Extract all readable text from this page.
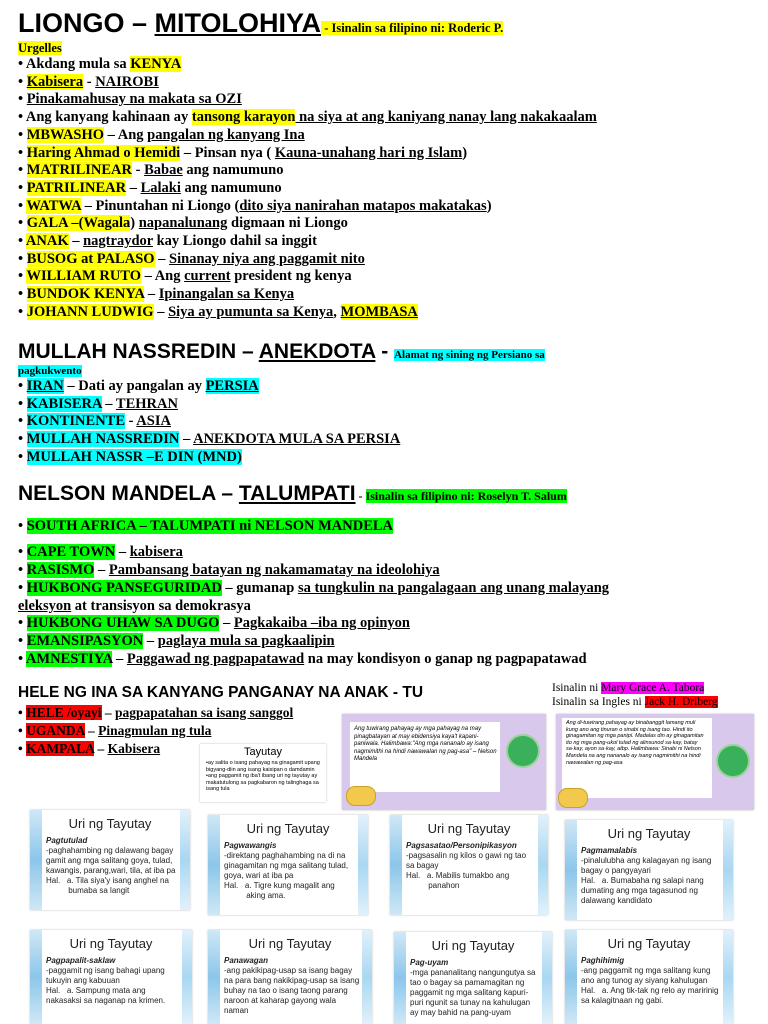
LIONGO – MITOLOHIYA - Isinalin sa filipino ni: Roderic P.
Urgelles
• Akdang mula sa KENYA
• Kabisera - NAIROBI
• Pinakamahusay na makata sa OZI
• Ang kanyang kahinaan ay tansong karayon na siya at ang kaniyang nanay lang nakakaalam
• MBWASHO – Ang pangalan ng kanyang Ina
• Haring Ahmad o Hemidi – Pinsan nya ( Kauna-unahang hari ng Islam)
• MATRILINEAR - Babae ang namumuno
• PATRILINEAR – Lalaki ang namumuno
• WATWA – Pinuntahan ni Liongo (dito siya nanirahan matapos makatakas)
• GALA –(Wagala) napanalunang digmaan ni Liongo
• ANAK – nagtraydor kay Liongo dahil sa inggit
• BUSOG at PALASO – Sinanay niya ang paggamit nito
• WILLIAM RUTO – Ang current president ng kenya
• BUNDOK KENYA – Ipinangalan sa Kenya
• JOHANN LUDWIG – Siya ay pumunta sa Kenya, MOMBASA
MULLAH NASSREDIN – ANEKDOTA - Alamat ng sining ng Persiano sa
pagkukwento
• IRAN – Dati ay pangalan ay PERSIA
• KABISERA – TEHRAN
• KONTINENTE - ASIA
• MULLAH NASSREDIN – ANEKDOTA MULA SA PERSIA
• MULLAH NASSR –E DIN (MND)
NELSON MANDELA – TALUMPATI - Isinalin sa filipino ni: Roselyn T. Salum
• SOUTH AFRICA – TALUMPATI ni NELSON MANDELA
• CAPE TOWN – kabisera
• RASISMO – Pambansang batayan ng nakamamatay na ideolohiya
• HUKBONG PANSEGURIDAD – gumanap sa tungkulin na pangalagaan ang unang malayang
eleksyon at transisyon sa demokrasya
• HUKBONG UHAW SA DUGO – Pagkakaiba –iba ng opinyon
• EMANSIPASYON – paglaya mula sa pagkaalipin
• AMNESTIYA – Paggawad ng pagpapatawad na may kondisyon o ganap ng pagpapatawad
HELE NG INA SA KANYANG PANGANAY NA ANAK - TU	Isinalin ni Mary Grace A. Tabora
Isinalin sa Ingles ni Jack H. Driberg
• HELE /oyayi – pagpapatahan sa isang sanggol
• UGANDA – Pinagmulan ng tula
• KAMPALA – Kabisera	Tayutay
•ay salita o isang pahayag na ginagamit upang bigyang-diin ang isang kaisipan o damdamin
•ang paggamit ng iba't ibang uri ng tayutay ay makatutulong sa pagkabaron ng talinghaga sa isang tula
Ang tuwirang pahayag ay mga pahayag na may pinagbatayan at may ebidensiya kaya't kapani-paniwala. Halimbawa:"Ang mga nananalo ay isang nagmimithi na hindi nawawalan ng pag-asa" – Nelson Mandela
Ang di-tuwirang pahayag ay binabanggit lamang muli kung ano ang tinuran o sinabi ng isang tao. Hindi ito ginagamitan ng mga panipi. Madalas din ay ginagamitan ito ng mga pang-ukol tulad ng alinsunod sa·kay, batay sa·kay, ayon sa·kay, atbp. Halimbawa: Sinabi ni Nelson Mandela na ang nananalo ay isang nagmimithi na hindi nawawalan ng pag-asa
Uri ng Tayutay
Pagtutulad
-paghahambing ng dalawang bagay gamit ang mga salitang goya, tulad, kawangis, parang,wari, tila, at iba pa
Hal.   a. Tila siya'y isang anghel na
bumaba sa langit
Uri ng Tayutay
Pagwawangis
-direktang paghahambing na di na ginagamitan ng mga salitang tulad, goya, wari at iba pa
Hal.   a. Tigre kung magalit ang
aking ama.
Uri ng Tayutay
Pagsasatao/Personipikasyon
-pagsasalin ng kilos o gawi ng tao sa bagay
Hal.   a. Mabilis tumakbo ang
panahon
Uri ng Tayutay
Pagmamalabis
-pinalulubha ang kalagayan ng isang bagay o pangyayari
Hal.   a. Bumabaha ng salapi nang dumating ang mga tagasunod ng dalawang kandidato
Uri ng Tayutay
Pagpapalit-saklaw
-paggamit ng isang bahagi upang tukuyin ang kabuuan
Hal.   a. Sampung mata ang nakasaksi sa naganap na krimen.
Uri ng Tayutay
Panawagan
-ang pakikipag-usap sa isang bagay na para bang nakikipag-usap sa isang buhay na tao o isang taong parang naroon at kaharap gayong wala naman
Uri ng Tayutay
Pag-uyam
-mga pananalitang nangungutya sa tao o bagay sa pamamagitan ng paggamit ng mga salitang kapuri-puri ngunit sa tunay na kahulugan ay may bahid na pang-uyam
Uri ng Tayutay
Paghihimig
-ang paggamit ng mga salitang kung ano ang tunog ay siyang kahulugan
Hal.   a. Ang tik-tak ng relo ay maririnig sa kalagitnaan ng gabi.
